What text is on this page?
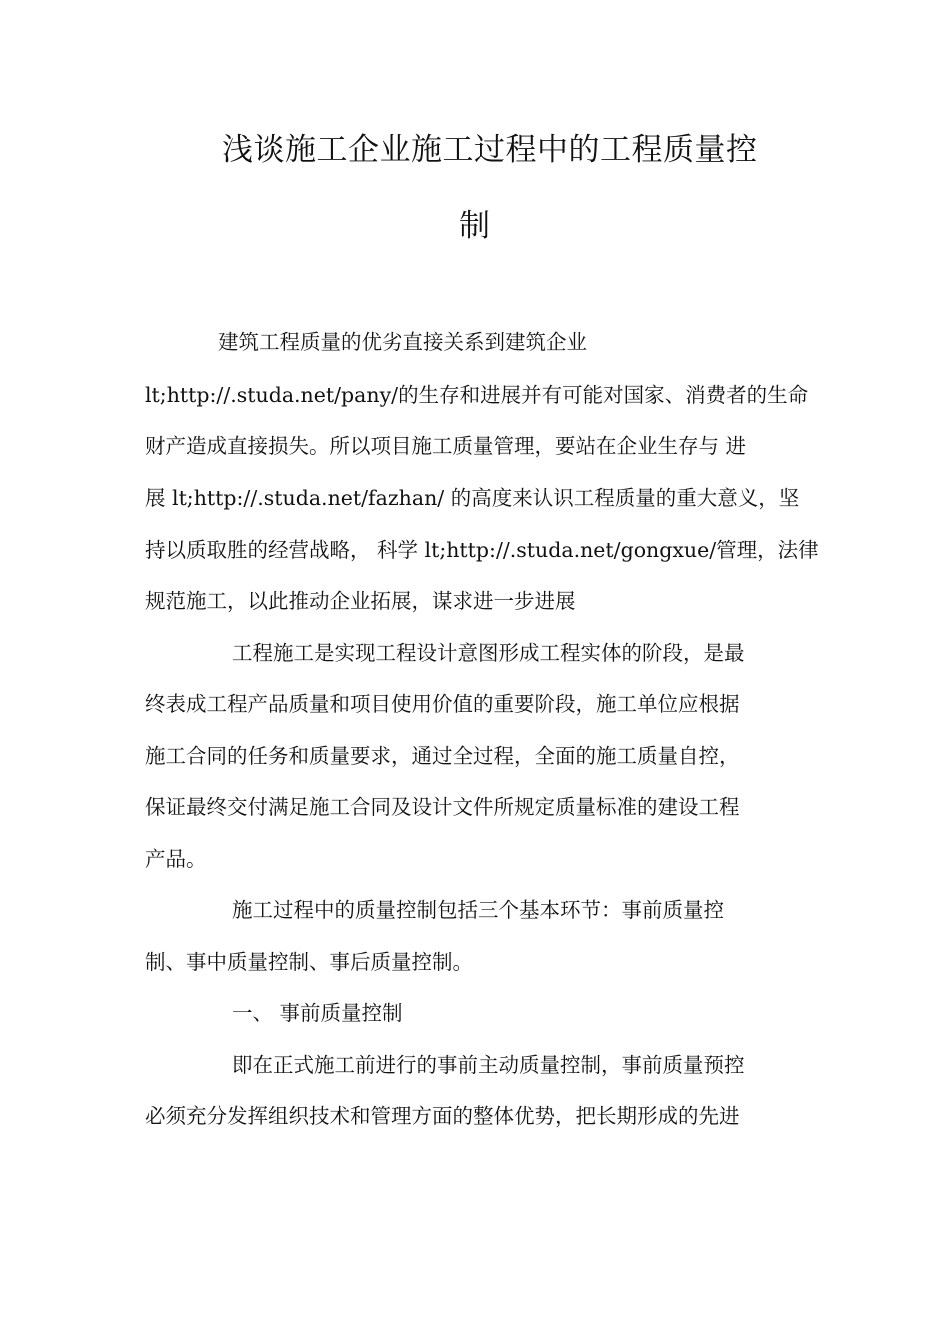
浅谈施工企业施工过程中的工程质量控
制
建筑工程质量的优劣直接关系到建筑企业
lt;http://.studa.net/pany/的生存和进展并有可能对国家、消费者的生命
财产造成直接损失。所以项目施工质量管理，要站在企业生存与 进
展 lt;http://.studa.net/fazhan/ 的高度来认识工程质量的重大意义，坚
持以质取胜的经营战略， 科学 lt;http://.studa.net/gongxue/管理，法律
规范施工，以此推动企业拓展，谋求进一步进展
工程施工是实现工程设计意图形成工程实体的阶段，是最
终表成工程产品质量和项目使用价值的重要阶段，施工单位应根据
施工合同的任务和质量要求，通过全过程，全面的施工质量自控，
保证最终交付满足施工合同及设计文件所规定质量标准的建设工程
产品。
施工过程中的质量控制包括三个基本环节：事前质量控
制、事中质量控制、事后质量控制。
一、 事前质量控制
即在正式施工前进行的事前主动质量控制，事前质量预控
必须充分发挥组织技术和管理方面的整体优势，把长期形成的先进
